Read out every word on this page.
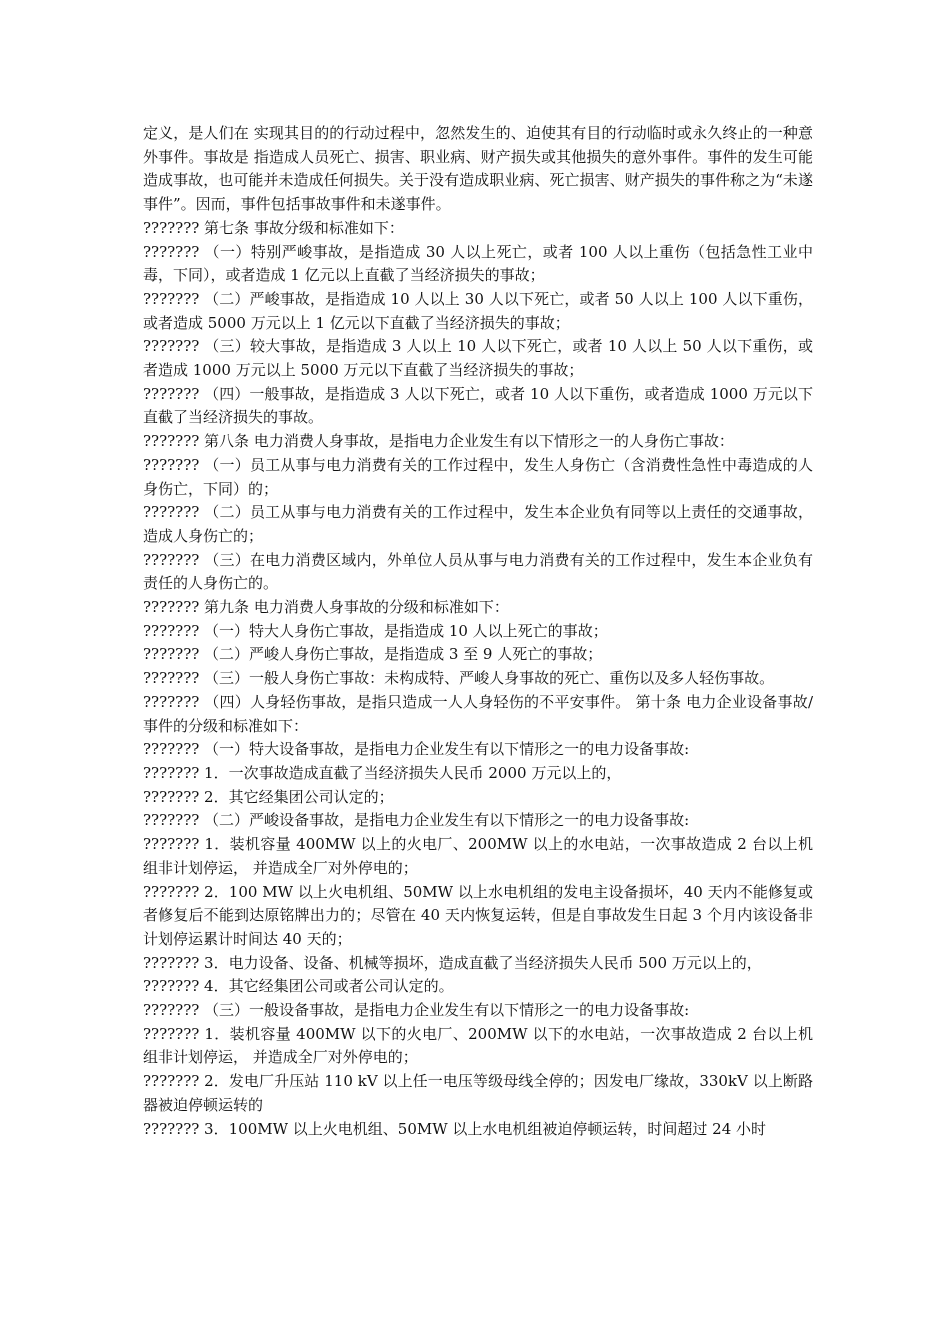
定义，是人们在 实现其目的的行动过程中，忽然发生的、迫使其有目的行动临时或永久终止的一种意外事件。事故是 指造成人员死亡、损害、职业病、财产损失或其他损失的意外事件。事件的发生可能造成事故，也可能并未造成任何损失。关于没有造成职业病、死亡损害、财产损失的事件称之为“未遂事件”。因而，事件包括事故事件和未遂事件。

??????? 第七条 事故分级和标准如下：

??????? （一）特别严峻事故，是指造成 30 人以上死亡，或者 100 人以上重伤（包括急性工业中毒，下同），或者造成 1 亿元以上直截了当经济损失的事故；

??????? （二）严峻事故，是指造成 10 人以上 30 人以下死亡，或者 50 人以上 100 人以下重伤，或者造成 5000 万元以上 1 亿元以下直截了当经济损失的事故；

??????? （三）较大事故，是指造成 3 人以上 10 人以下死亡，或者 10 人以上 50 人以下重伤，或者造成 1000 万元以上 5000 万元以下直截了当经济损失的事故；

??????? （四）一般事故，是指造成 3 人以下死亡，或者 10 人以下重伤，或者造成 1000 万元以下直截了当经济损失的事故。

??????? 第八条 电力消费人身事故，是指电力企业发生有以下情形之一的人身伤亡事故：

??????? （一）员工从事与电力消费有关的工作过程中，发生人身伤亡（含消费性急性中毒造成的人身伤亡，下同）的；

??????? （二）员工从事与电力消费有关的工作过程中，发生本企业负有同等以上责任的交通事故，造成人身伤亡的；

??????? （三）在电力消费区域内，外单位人员从事与电力消费有关的工作过程中，发生本企业负有责任的人身伤亡的。

??????? 第九条 电力消费人身事故的分级和标准如下：

??????? （一）特大人身伤亡事故，是指造成 10 人以上死亡的事故；

??????? （二）严峻人身伤亡事故，是指造成 3 至 9 人死亡的事故；

??????? （三）一般人身伤亡事故：未构成特、严峻人身事故的死亡、重伤以及多人轻伤事故。

??????? （四）人身轻伤事故，是指只造成一人人身轻伤的不平安事件。 第十条 电力企业设备事故/事件的分级和标准如下：

??????? （一）特大设备事故，是指电力企业发生有以下情形之一的电力设备事故:

??????? 1．一次事故造成直截了当经济损失人民币 2000 万元以上的，

??????? 2．其它经集团公司认定的；

??????? （二）严峻设备事故，是指电力企业发生有以下情形之一的电力设备事故:

??????? 1．装机容量 400MW 以上的火电厂、200MW 以上的水电站，一次事故造成 2 台以上机组非计划停运， 并造成全厂对外停电的；

??????? 2．100 MW 以上火电机组、50MW 以上水电机组的发电主设备损坏，40 天内不能修复或者修复后不能到达原铭牌出力的；尽管在 40 天内恢复运转，但是自事故发生日起 3 个月内该设备非计划停运累计时间达 40 天的；

??????? 3．电力设备、设备、机械等损坏，造成直截了当经济损失人民币 500 万元以上的，

??????? 4．其它经集团公司或者公司认定的。

??????? （三）一般设备事故，是指电力企业发生有以下情形之一的电力设备事故:

??????? 1．装机容量 400MW 以下的火电厂、200MW 以下的水电站，一次事故造成 2 台以上机组非计划停运， 并造成全厂对外停电的；

??????? 2．发电厂升压站 110 kV 以上任一电压等级母线全停的；因发电厂缘故，330kV 以上断路器被迫停顿运转的

??????? 3．100MW 以上火电机组、50MW 以上水电机组被迫停顿运转，时间超过 24 小时
